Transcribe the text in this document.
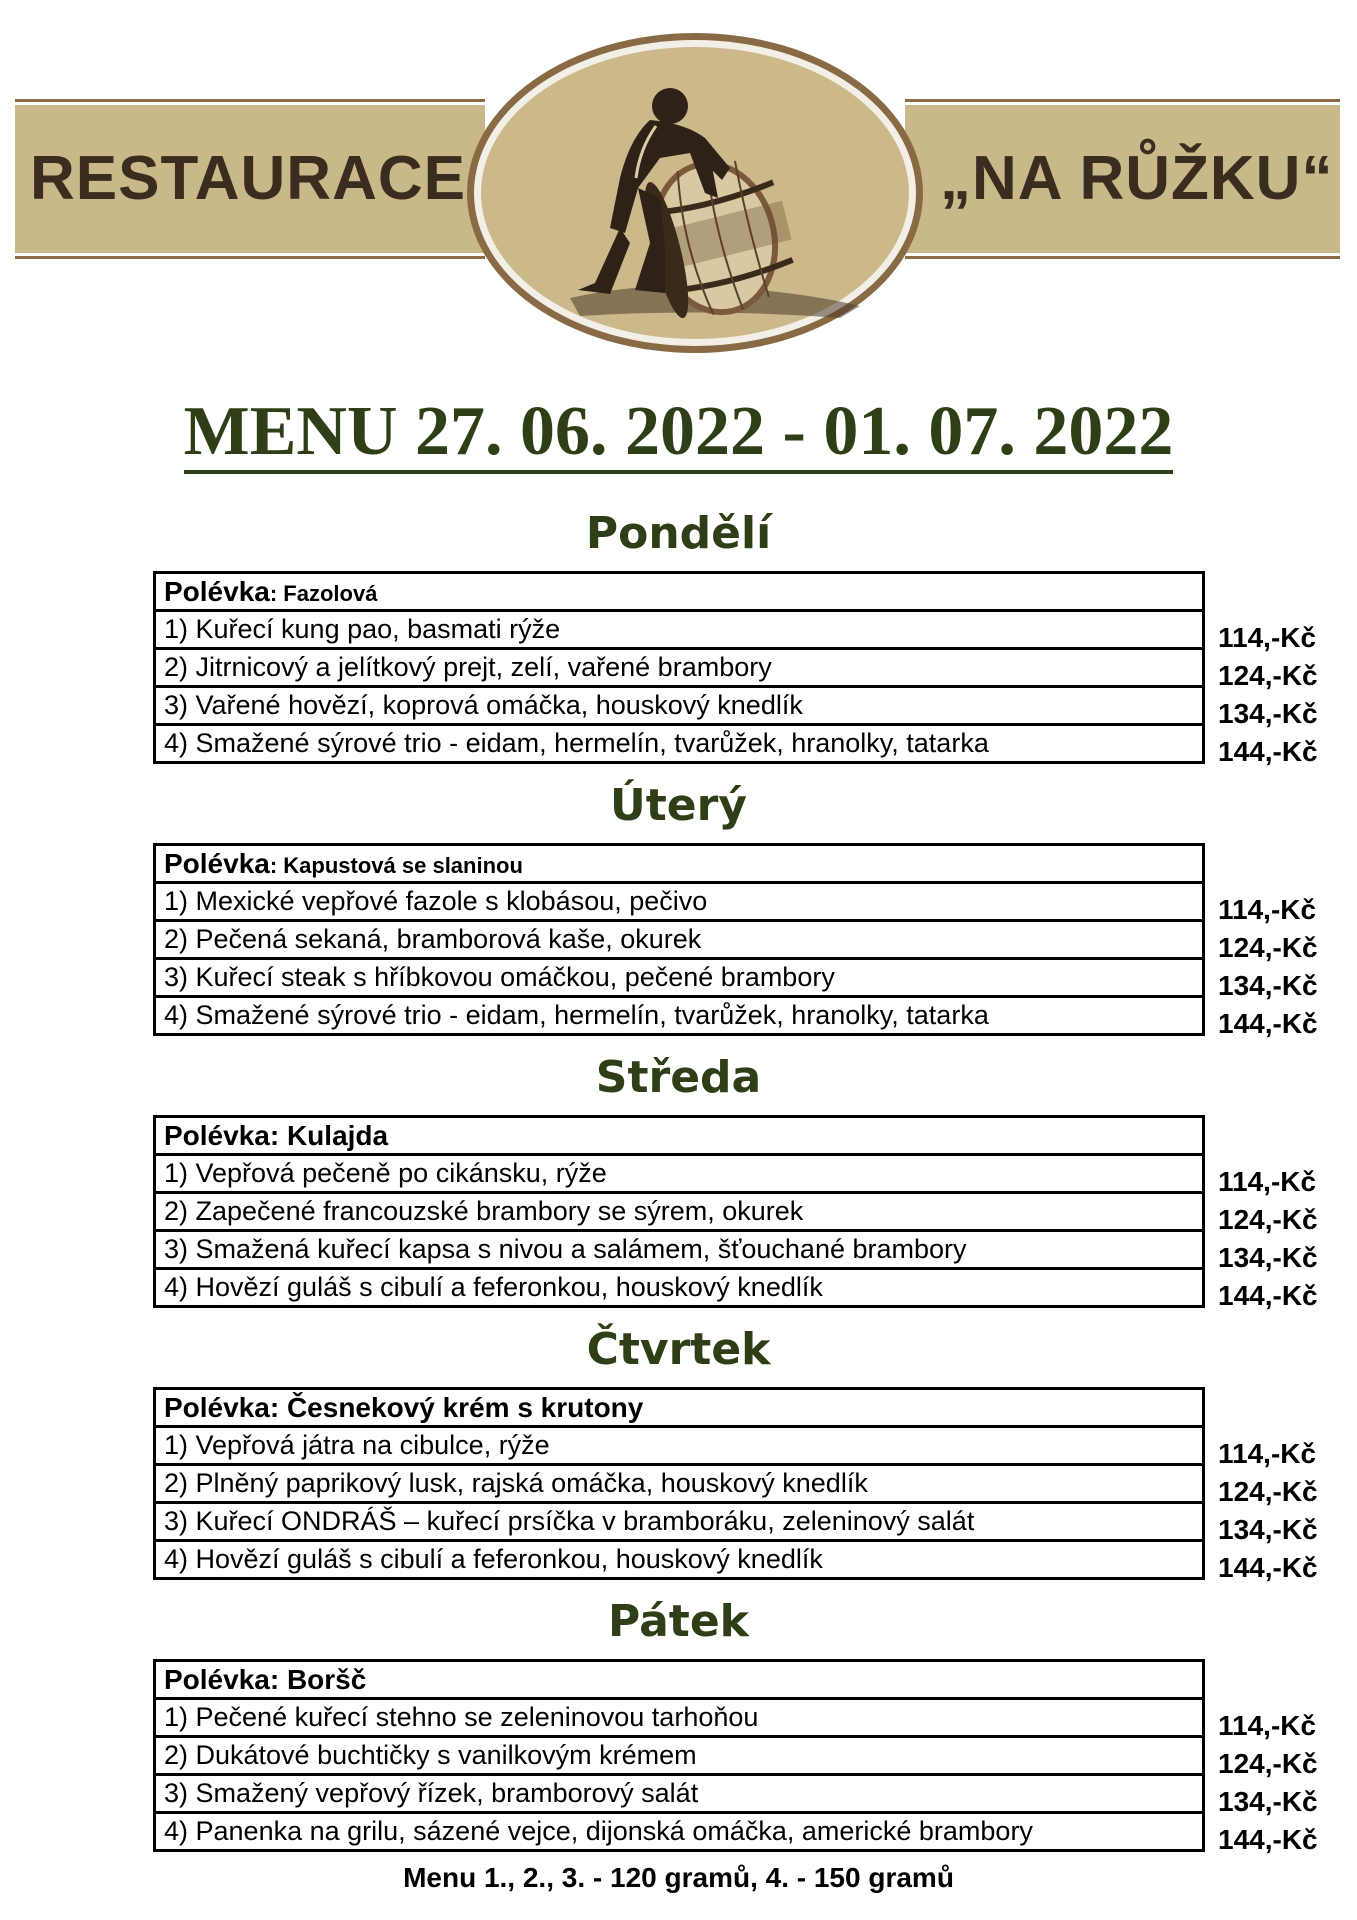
RESTAURACE	„NA RŮŽKU“
MENU 27. 06. 2022 - 01. 07. 2022
Pondělí
Polévka: Fazolová
1) Kuřecí kung pao, basmati rýže
2) Jitrnicový a jelítkový prejt, zelí, vařené brambory
3) Vařené hovězí, koprová omáčka, houskový knedlík
4) Smažené sýrové trio - eidam, hermelín, tvarůžek, hranolky, tatarka
114,-Kč
124,-Kč
134,-Kč
144,-Kč
Úterý
Polévka: Kapustová se slaninou
1) Mexické vepřové fazole s klobásou, pečivo
2) Pečená sekaná, bramborová kaše, okurek
3) Kuřecí steak s hříbkovou omáčkou, pečené brambory
4) Smažené sýrové trio - eidam, hermelín, tvarůžek, hranolky, tatarka
114,-Kč
124,-Kč
134,-Kč
144,-Kč
Středa
Polévka: Kulajda
1) Vepřová pečeně po cikánsku, rýže
2) Zapečené francouzské brambory se sýrem, okurek
3) Smažená kuřecí kapsa s nivou a salámem, šťouchané brambory
4) Hovězí guláš s cibulí a feferonkou, houskový knedlík
114,-Kč
124,-Kč
134,-Kč
144,-Kč
Čtvrtek
Polévka: Česnekový krém s krutony
1) Vepřová játra na cibulce, rýže
2) Plněný paprikový lusk, rajská omáčka, houskový knedlík
3) Kuřecí ONDRÁŠ – kuřecí prsíčka v bramboráku, zeleninový salát
4) Hovězí guláš s cibulí a feferonkou, houskový knedlík
114,-Kč
124,-Kč
134,-Kč
144,-Kč
Pátek
Polévka: Boršč
1) Pečené kuřecí stehno se zeleninovou tarhoňou
2) Dukátové buchtičky s vanilkovým krémem
3) Smažený vepřový řízek, bramborový salát
4) Panenka na grilu, sázené vejce, dijonská omáčka, americké brambory
114,-Kč
124,-Kč
134,-Kč
144,-Kč
Menu 1., 2., 3. - 120 gramů, 4. - 150 gramů
